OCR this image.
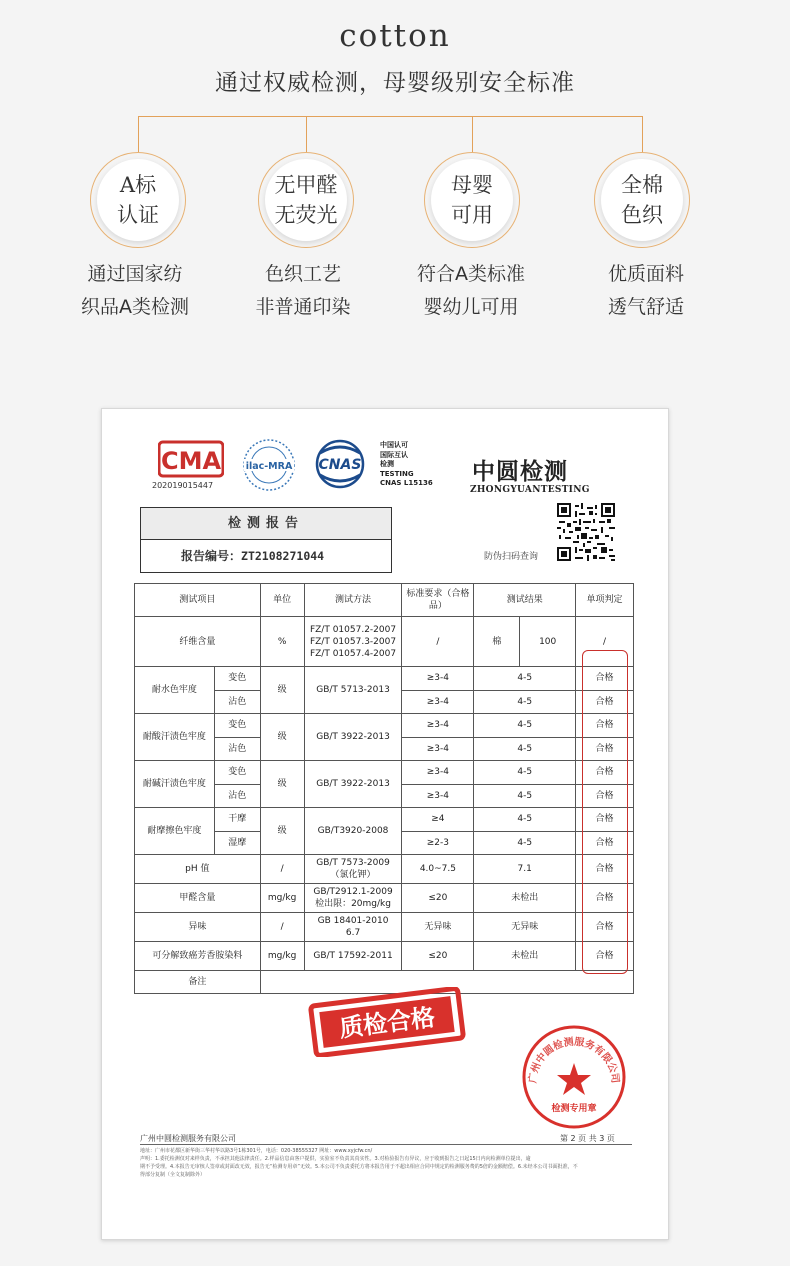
cotton
通过权威检测，母婴级别安全标准
A标
认证
无甲醛
无荧光
母婴
可用
全棉
色织
通过国家纺
织品A类检测
色织工艺
非普通印染
符合A类标准
婴幼儿可用
优质面料
透气舒适
CMA
202019015447
ilac-MRA CNAS
中国认可
国际互认
检测
TESTING
CNAS L15136 中圆检测
ZHONGYUANTESTING
检测报告
报告编号：ZT2108271044	防伪扫码查询
测试项目		单位	测试方法	标准要求（合格品）	测试结果		单项判定
纤维含量		%	FZ/T 01057.2-2007
FZ/T 01057.3-2007
FZ/T 01057.4-2007	/	棉	100	/
耐水色牢度	变色	级	GB/T 5713-2013	≥3-4	4-5		合格
	沾色			≥3-4	4-5		合格
耐酸汗渍色牢度	变色	级	GB/T 3922-2013	≥3-4	4-5		合格
	沾色			≥3-4	4-5		合格
耐碱汗渍色牢度	变色	级	GB/T 3922-2013	≥3-4	4-5		合格
	沾色			≥3-4	4-5		合格
耐摩擦色牢度	干摩	级	GB/T3920-2008	≥4	4-5		合格
	湿摩			≥2-3	4-5		合格
pH 值		/	GB/T 7573-2009
（氯化钾）	4.0~7.5	7.1		合格
甲醛含量		mg/kg	GB/T2912.1-2009
检出限：20mg/kg	≤20	未检出		合格
异味		/	GB 18401-2010
6.7	无异味	无异味		合格
可分解致癌芳香胺染料		mg/kg	GB/T 17592-2011	≤20	未检出		合格
备注							
质检合格
广州中圆检测服务有限公司
检测专用章
广州中圆检测服务有限公司	第 2 页 共 3 页
地址：广州市花都区新华街三华村华以路3号1栋301号，电话：020-38555327 网址：www.xyjcfw.cn/
声明：1.委托检测仅对来样负责，不承担其他法律责任。2.样品信息由客户提供，实验室不负责其真实性。3.对检验报告有异议，应于收到报告之日起15日内向检测单位提出，逾
期不予受理。4.本报告无审核人签章或封面改无效，报告无“检测专用章”无效。5.本公司不负责委托方将本报告用于不超出相应合同中规定的检测服务费的5倍的金额赔偿。6.未经本公司书面批准，不
得部分复制（全文复制除外）
